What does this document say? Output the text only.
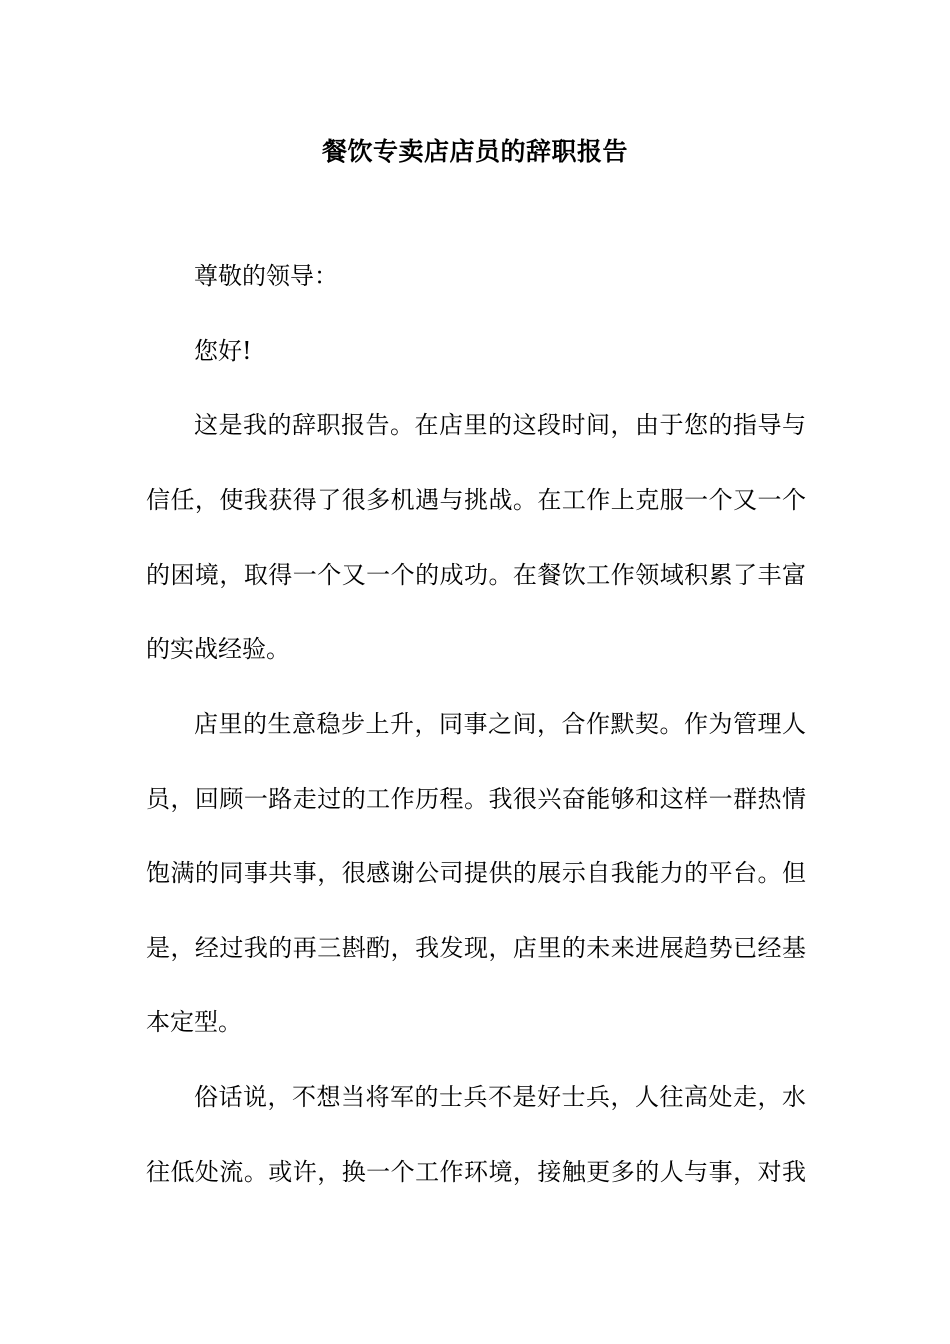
餐饮专卖店店员的辞职报告
尊敬的领导：
您好!
这是我的辞职报告。在店里的这段时间，由于您的指导与
信任，使我获得了很多机遇与挑战。在工作上克服一个又一个
的困境，取得一个又一个的成功。在餐饮工作领域积累了丰富
的实战经验。
店里的生意稳步上升，同事之间，合作默契。作为管理人
员，回顾一路走过的工作历程。我很兴奋能够和这样一群热情
饱满的同事共事，很感谢公司提供的展示自我能力的平台。但
是，经过我的再三斟酌，我发现，店里的未来进展趋势已经基
本定型。
俗话说，不想当将军的士兵不是好士兵，人往高处走，水
往低处流。或许，换一个工作环境，接触更多的人与事，对我
